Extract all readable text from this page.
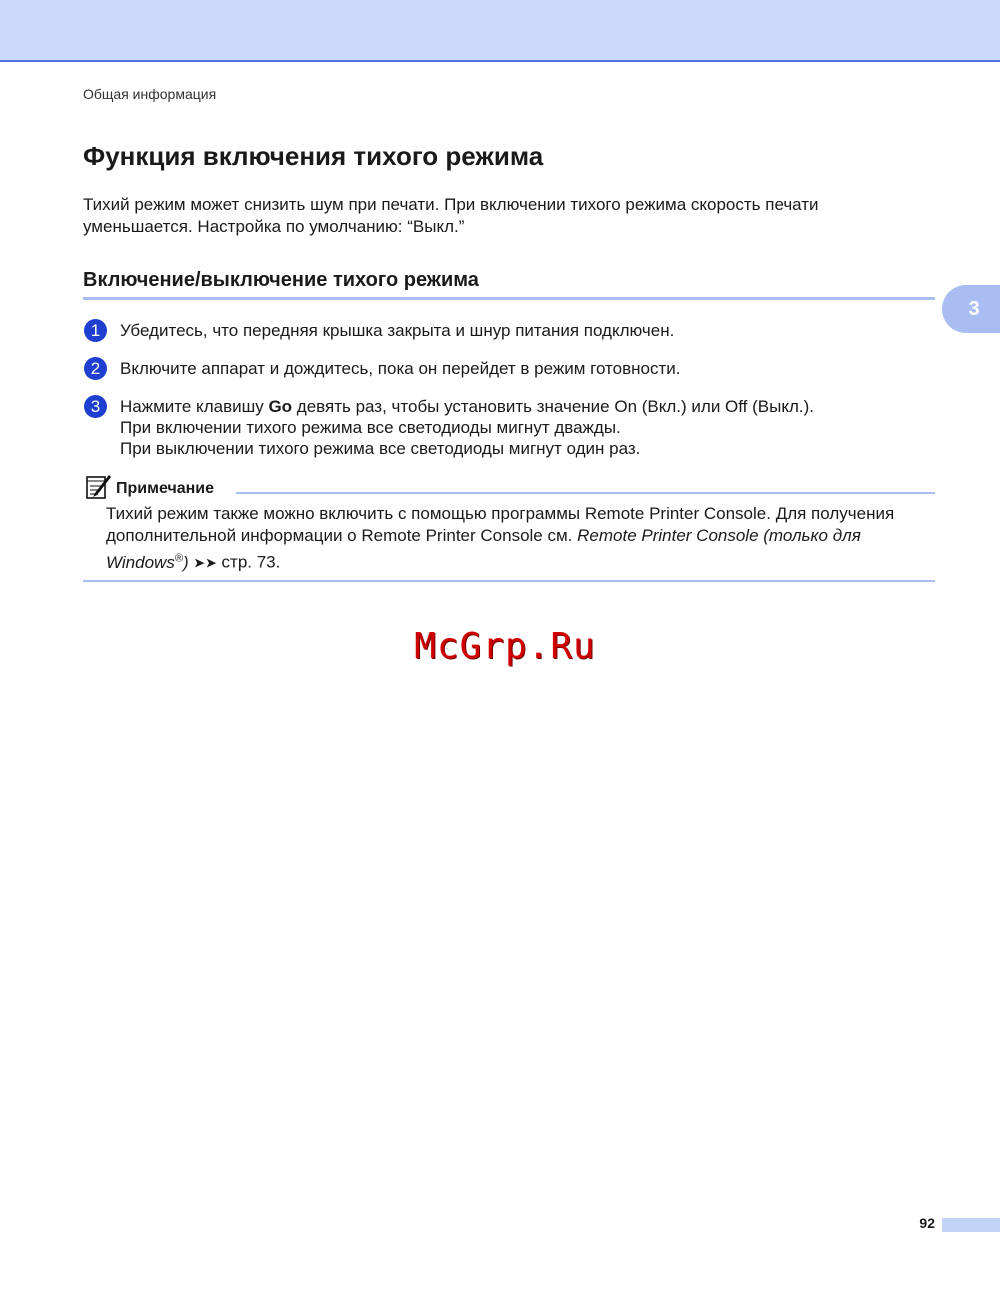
Общая информация
Функция включения тихого режима

Тихий режим может снизить шум при печати. При включении тихого режима скорость печати
уменьшается. Настройка по умолчанию: “Выкл.”

Включение/выключение тихого режима
3
1	Убедитесь, что передняя крышка закрыта и шнур питания подключен.
2	Включите аппарат и дождитесь, пока он перейдет в режим готовности.
3	Нажмите клавишу Go девять раз, чтобы установить значение On (Вкл.) или Off (Выкл.).
При включении тихого режима все светодиоды мигнут дважды.
При выключении тихого режима все светодиоды мигнут один раз.
Примечание

Тихий режим также можно включить с помощью программы Remote Printer Console. Для получения
дополнительной информации о Remote Printer Console см. Remote Printer Console (только для
Windows®) ➤➤ стр. 73.

McGrp.Ru
92
